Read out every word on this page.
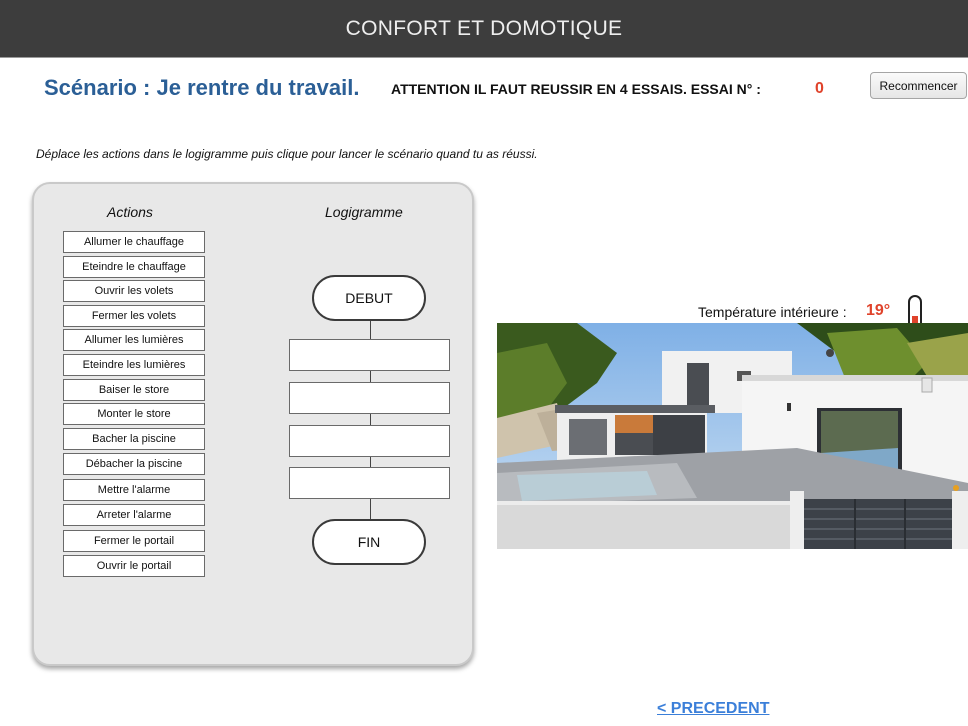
CONFORT ET DOMOTIQUE
Scénario : Je rentre du travail. ATTENTION IL FAUT REUSSIR EN 4 ESSAIS. ESSAI N° :	0	Recommencer
Déplace les actions dans le logigramme puis clique pour lancer le scénario quand tu as réussi.
Actions	Logigramme
Allumer le chauffage
Eteindre le chauffage
Ouvrir les volets
Fermer les volets
Allumer les lumières
Eteindre les lumières
Baiser le store
Monter le store
Bacher la piscine
Débacher la piscine
Mettre l'alarme
Arreter l'alarme
Fermer le portail
Ouvrir le portail
DEBUT
FIN
Température intérieure : 19°
< PRECEDENT
